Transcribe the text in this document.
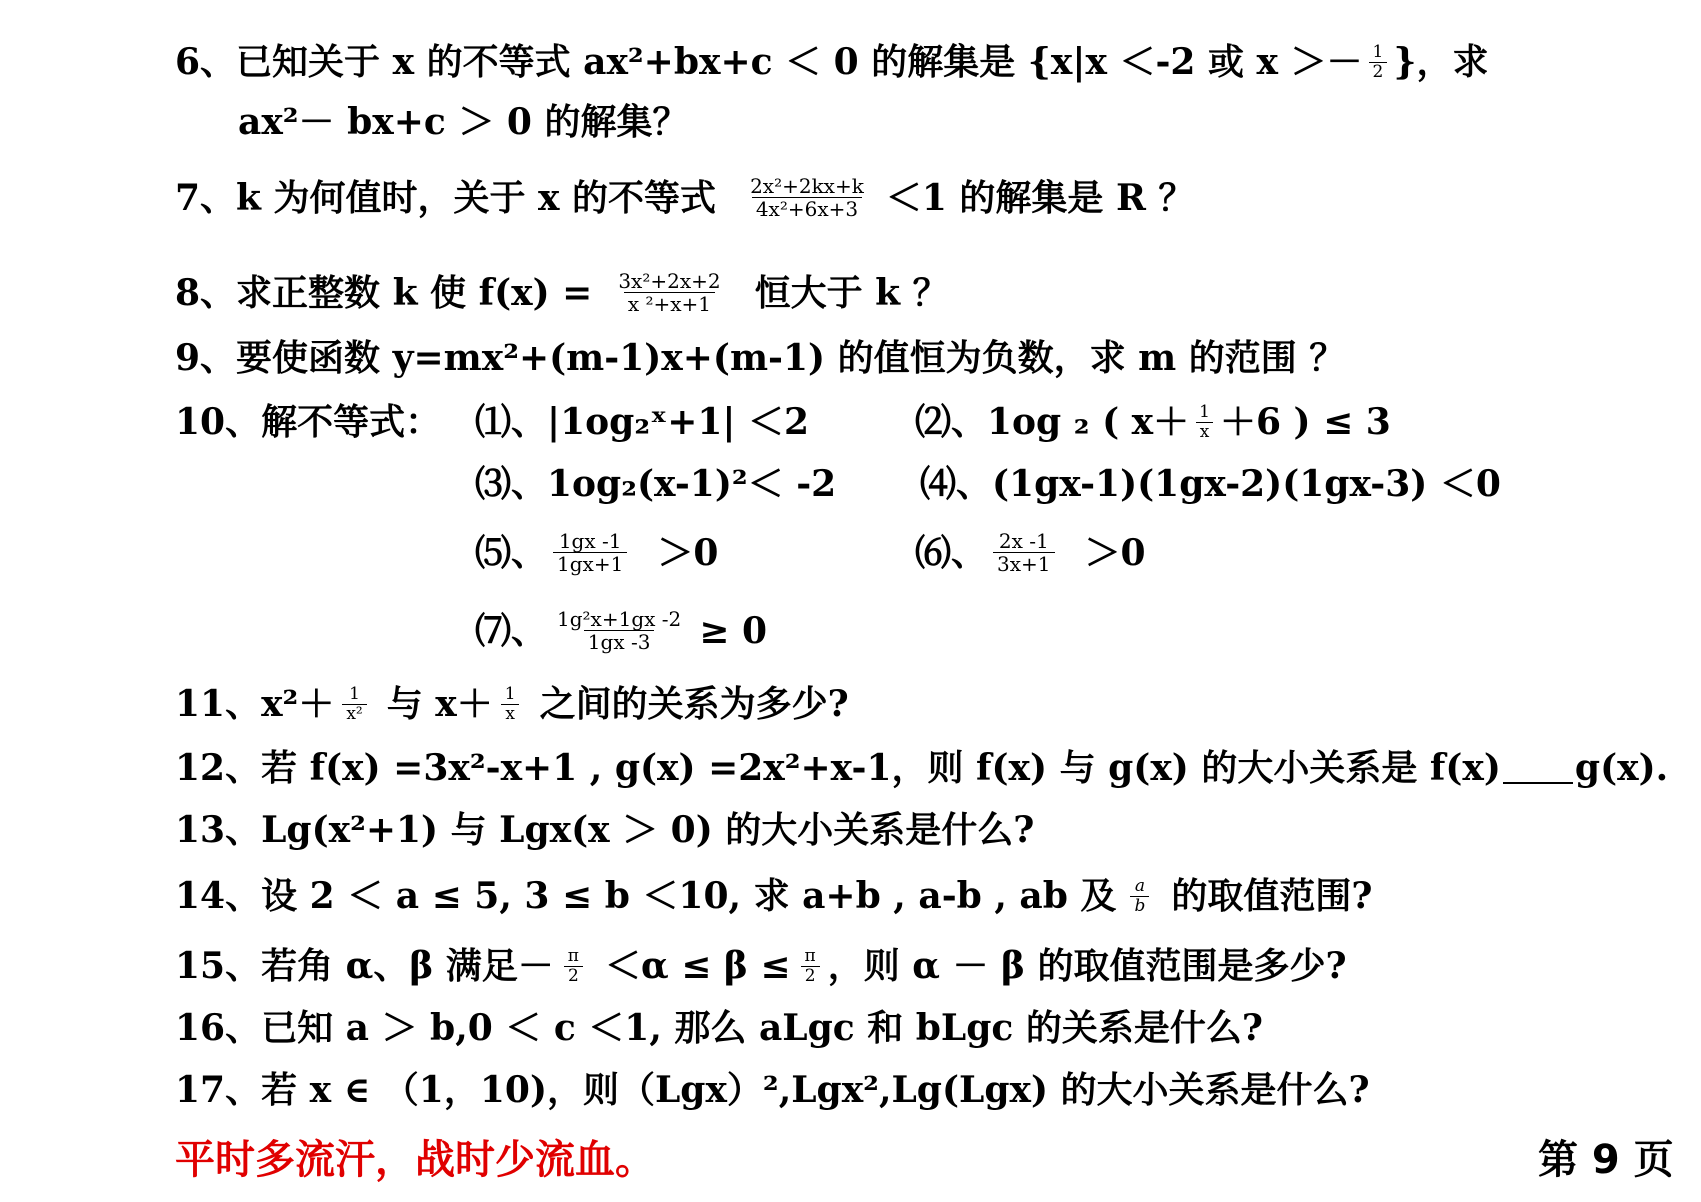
6、已知关于 x 的不等式 ax²+bx+c ＜ 0 的解集是 {x|x ＜-2 或 $x >- \frac{1}{2}$ }，求
ax²－ bx+c ＞ 0 的解集？
7、k 为何值时，关于 x 的不等式 $\frac{\text{2x²+2kx+k}}{\text{4x²+6x+3}} <1$ 的解集是 R ？
8、求正整数 k 使 $f(x) = \frac{\text{3x²+2x+2}}{\text{x ²+x+1}}$ 恒大于 k ？
9、要使函数 y=mx²+(m-1)x+(m-1) 的值恒为负数，求 m 的范围 ？
10、解不等式： ⑴、|1og₂ˣ+1| ＜2	⑵、1og ₂ ( $x+ \frac{1}{x} +6$ ) ≤ 3
⑶、1og₂(x-1)²＜ -2 ⑷、(1gx-1)(1gx-2)(1gx-3) ＜0
⑸、 $\frac{1gx -1}{1gx+1} >0$	⑹、 $\frac{2x -1}{3x+1} >0$
⑺、 $\frac{\text{1g²x+1gx -2}}{1gx -3} \ge 0$
11、$x^2+ \frac{1}{\text{x²}}$ 与 $x+ \frac{1}{x}$ 之间的关系为多少?
12、若 f(x) =3x²-x+1 , g(x) =2x²+x-1，则 f(x) 与 g(x) 的大小关系是 f(x) g(x).
13、Lg(x²+1) 与 Lgx(x ＞ 0) 的大小关系是什么?
14、设 2 ＜ a ≤ 5, 3 ≤ b ＜10, 求 a+b , a-b , ab 及 $\frac{a}{b}$ 的取值范围?
15、若角 α、β 满足－ $\frac{\pi}{2} <\alpha \le \beta \le \frac{\pi}{2}$ ，则 α － β 的取值范围是多少?
16、已知 a ＞ b,0 ＜ c ＜1, 那么 aLgc 和 bLgc 的关系是什么?
17、若 x ∈ （1，10)，则（Lgx）²,Lgx²,Lg(Lgx) 的大小关系是什么?
平时多流汗，战时少流血。	第 9 页
